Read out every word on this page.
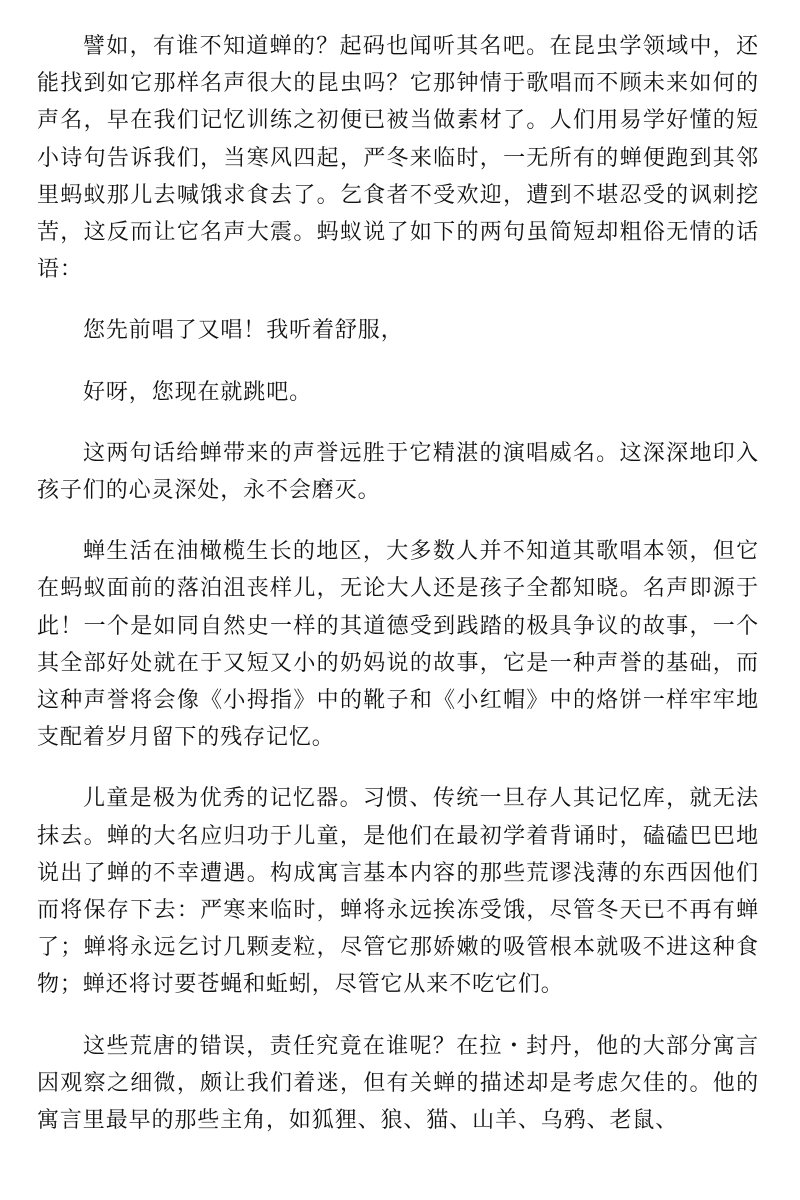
譬如，有谁不知道蝉的？起码也闻听其名吧。在昆虫学领域中，还能找到如它那样名声很大的昆虫吗？它那钟情于歌唱而不顾未来如何的声名，早在我们记忆训练之初便已被当做素材了。人们用易学好懂的短小诗句告诉我们，当寒风四起，严冬来临时，一无所有的蝉便跑到其邻里蚂蚁那儿去喊饿求食去了。乞食者不受欢迎，遭到不堪忍受的讽刺挖苦，这反而让它名声大震。蚂蚁说了如下的两句虽简短却粗俗无情的话语：

您先前唱了又唱！我听着舒服，

好呀，您现在就跳吧。

这两句话给蝉带来的声誉远胜于它精湛的演唱威名。这深深地印入孩子们的心灵深处，永不会磨灭。

蝉生活在油橄榄生长的地区，大多数人并不知道其歌唱本领，但它在蚂蚁面前的落泊沮丧样儿，无论大人还是孩子全都知晓。名声即源于此！一个是如同自然史一样的其道德受到践踏的极具争议的故事，一个其全部好处就在于又短又小的奶妈说的故事，它是一种声誉的基础，而这种声誉将会像《小拇指》中的靴子和《小红帽》中的烙饼一样牢牢地支配着岁月留下的残存记忆。

儿童是极为优秀的记忆器。习惯、传统一旦存人其记忆库，就无法抹去。蝉的大名应归功于儿童，是他们在最初学着背诵时，磕磕巴巴地说出了蝉的不幸遭遇。构成寓言基本内容的那些荒谬浅薄的东西因他们而将保存下去：严寒来临时，蝉将永远挨冻受饿，尽管冬天已不再有蝉了；蝉将永远乞讨几颗麦粒，尽管它那娇嫩的吸管根本就吸不进这种食物；蝉还将讨要苍蝇和蚯蚓，尽管它从来不吃它们。

这些荒唐的错误，责任究竟在谁呢？在拉・封丹，他的大部分寓言因观察之细微，颇让我们着迷，但有关蝉的描述却是考虑欠佳的。他的寓言里最早的那些主角，如狐狸、狼、猫、山羊、乌鸦、老鼠、
